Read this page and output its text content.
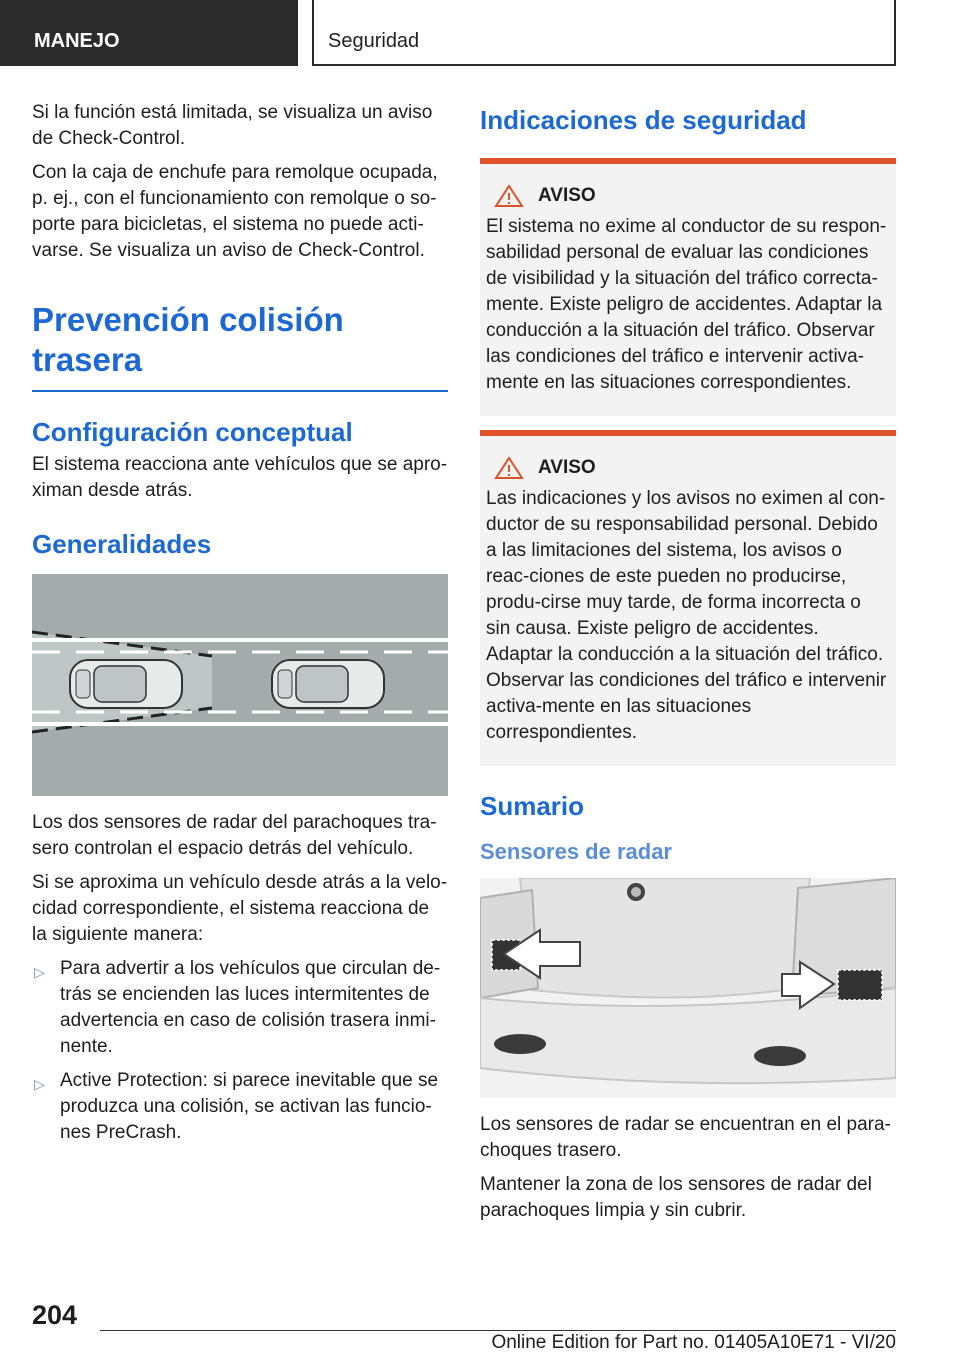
MANEJO	Seguridad

Si la función está limitada, se visualiza un aviso de Check-Control.

Con la caja de enchufe para remolque ocupada, p. ej., con el funcionamiento con remolque o so-porte para bicicletas, el sistema no puede acti-varse. Se visualiza un aviso de Check-Control.

Prevención colisión trasera
Configuración conceptual

El sistema reacciona ante vehículos que se apro-ximan desde atrás.

Generalidades

Los dos sensores de radar del parachoques tra-sero controlan el espacio detrás del vehículo.

Si se aproxima un vehículo desde atrás a la velo-cidad correspondiente, el sistema reacciona de la siguiente manera:

▷ Para advertir a los vehículos que circulan de-trás se encienden las luces intermitentes de advertencia en caso de colisión trasera inmi-nente.
▷ Active Protection: si parece inevitable que se produzca una colisión, se activan las funcio-nes PreCrash.
Indicaciones de seguridad
AVISO

El sistema no exime al conductor de su respon-sabilidad personal de evaluar las condiciones de visibilidad y la situación del tráfico correcta-mente. Existe peligro de accidentes. Adaptar la conducción a la situación del tráfico. Observar las condiciones del tráfico e intervenir activa-mente en las situaciones correspondientes.

AVISO

Las indicaciones y los avisos no eximen al con-ductor de su responsabilidad personal. Debido a las limitaciones del sistema, los avisos o reac-ciones de este pueden no producirse, produ-cirse muy tarde, de forma incorrecta o sin causa. Existe peligro de accidentes. Adaptar la conducción a la situación del tráfico. Observar las condiciones del tráfico e intervenir activa-mente en las situaciones correspondientes.

Sumario
Sensores de radar

Los sensores de radar se encuentran en el para-choques trasero.

Mantener la zona de los sensores de radar del parachoques limpia y sin cubrir.

204
Online Edition for Part no. 01405A10E71 - VI/20
